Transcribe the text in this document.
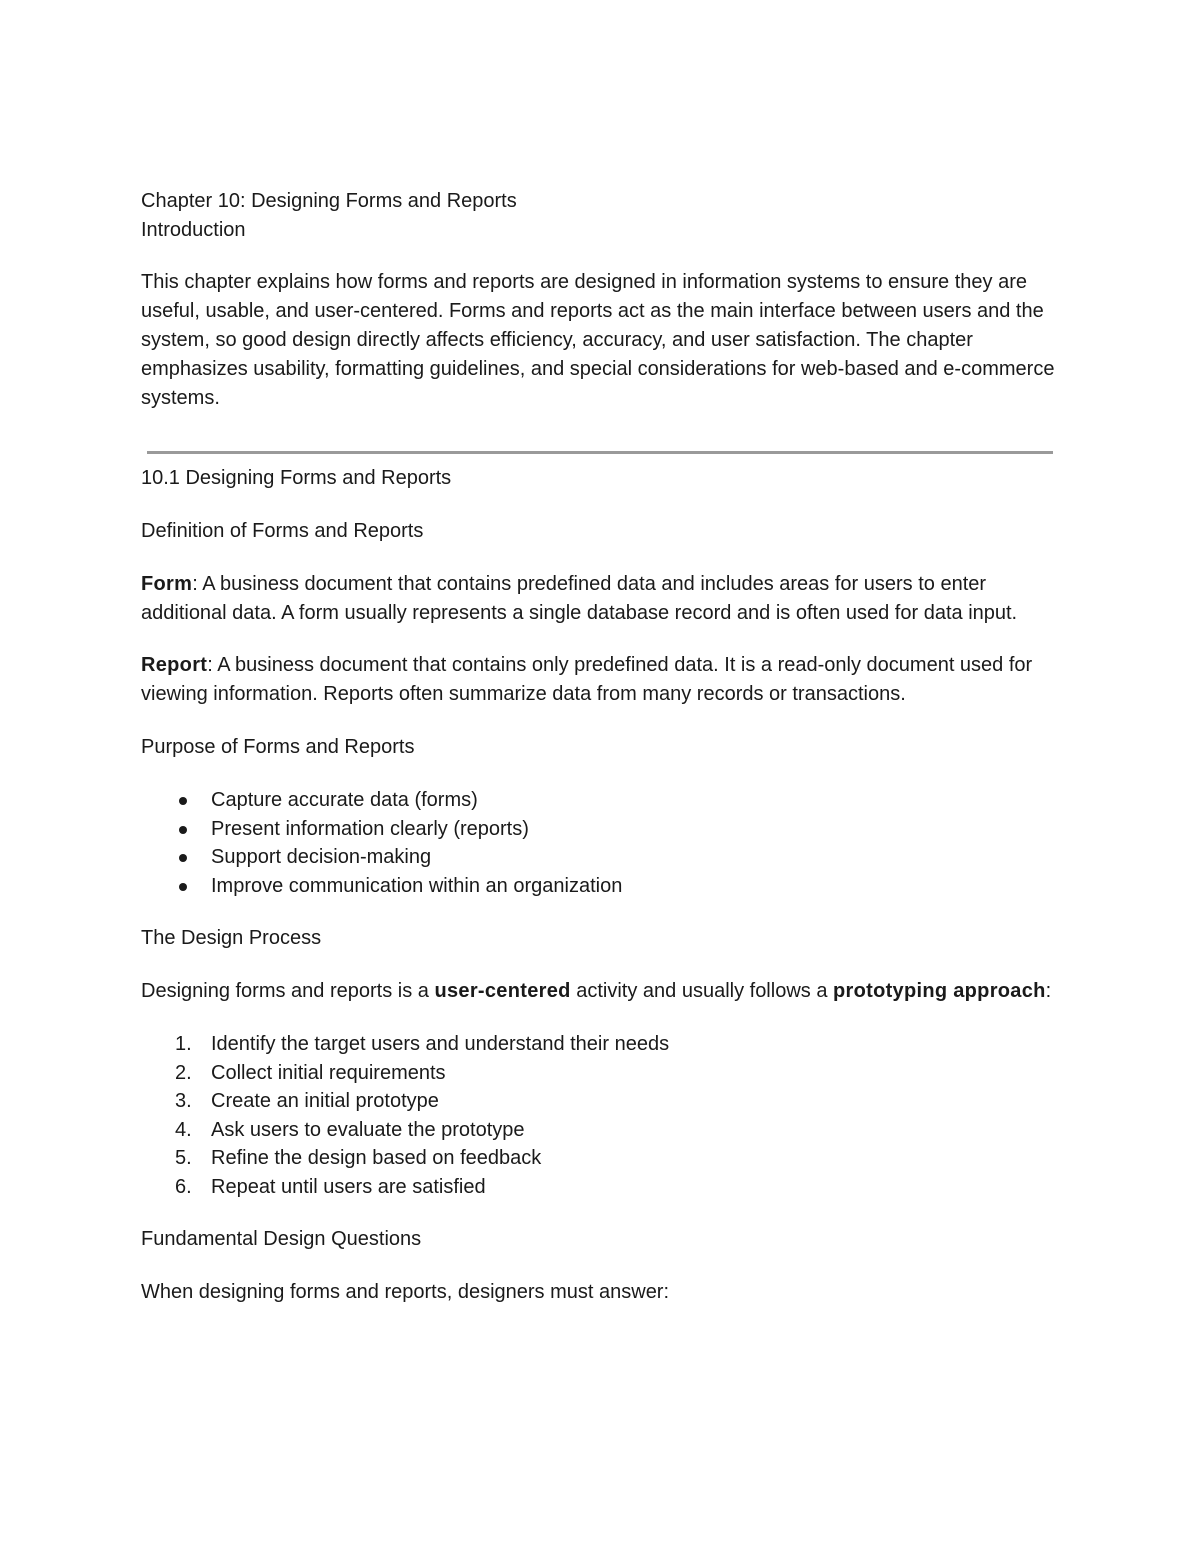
Chapter 10: Designing Forms and Reports

Introduction

This chapter explains how forms and reports are designed in information systems to ensure they are useful, usable, and user-centered. Forms and reports act as the main interface between users and the system, so good design directly affects efficiency, accuracy, and user satisfaction. The chapter emphasizes usability, formatting guidelines, and special considerations for web-based and e-commerce systems.

10.1 Designing Forms and Reports

Definition of Forms and Reports

Form: A business document that contains predefined data and includes areas for users to enter additional data. A form usually represents a single database record and is often used for data input.

Report: A business document that contains only predefined data. It is a read-only document used for viewing information. Reports often summarize data from many records or transactions.

Purpose of Forms and Reports

Capture accurate data (forms)
Present information clearly (reports)
Support decision-making
Improve communication within an organization

The Design Process

Designing forms and reports is a user-centered activity and usually follows a prototyping approach:

1. Identify the target users and understand their needs
2. Collect initial requirements
3. Create an initial prototype
4. Ask users to evaluate the prototype
5. Refine the design based on feedback
6. Repeat until users are satisfied

Fundamental Design Questions

When designing forms and reports, designers must answer:
